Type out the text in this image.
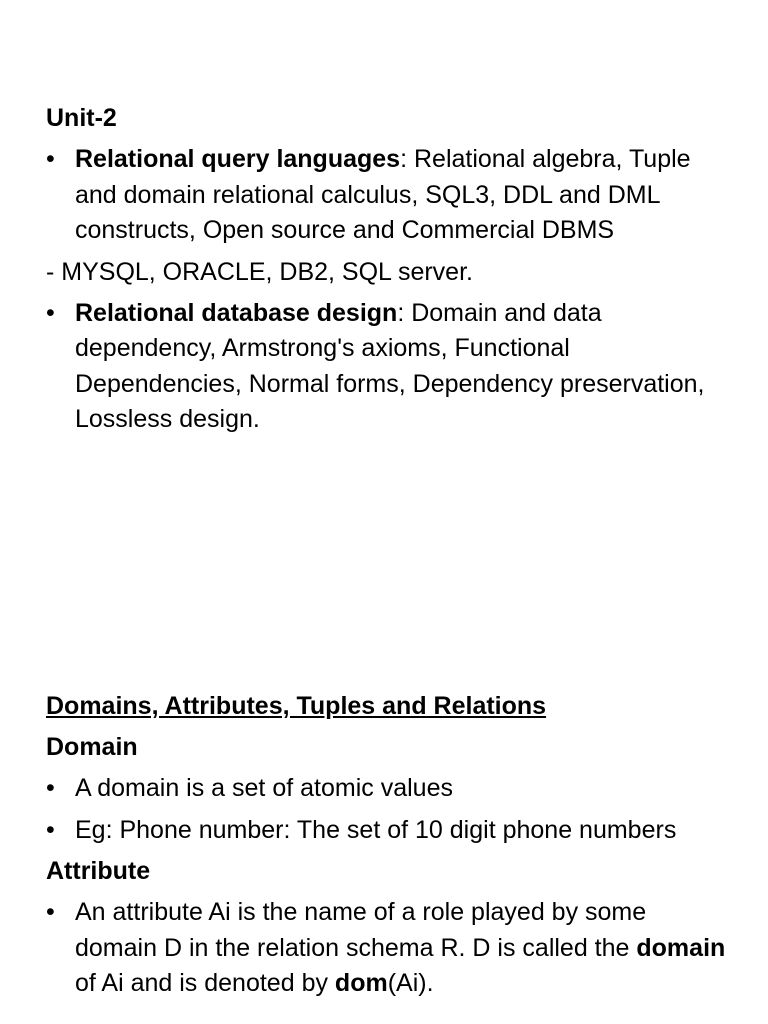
Unit-2

• Relational query languages: Relational algebra, Tuple and domain relational calculus, SQL3, DDL and DML constructs, Open source and Commercial DBMS

- MYSQL, ORACLE, DB2, SQL server.

• Relational database design: Domain and data dependency, Armstrong's axioms, Functional Dependencies, Normal forms, Dependency preservation, Lossless design.

Domains, Attributes, Tuples and Relations

Domain

• A domain is a set of atomic values
• Eg: Phone number: The set of 10 digit phone numbers

Attribute

• An attribute Ai is the name of a role played by some domain D in the relation schema R. D is called the domain of Ai and is denoted by dom(Ai).
